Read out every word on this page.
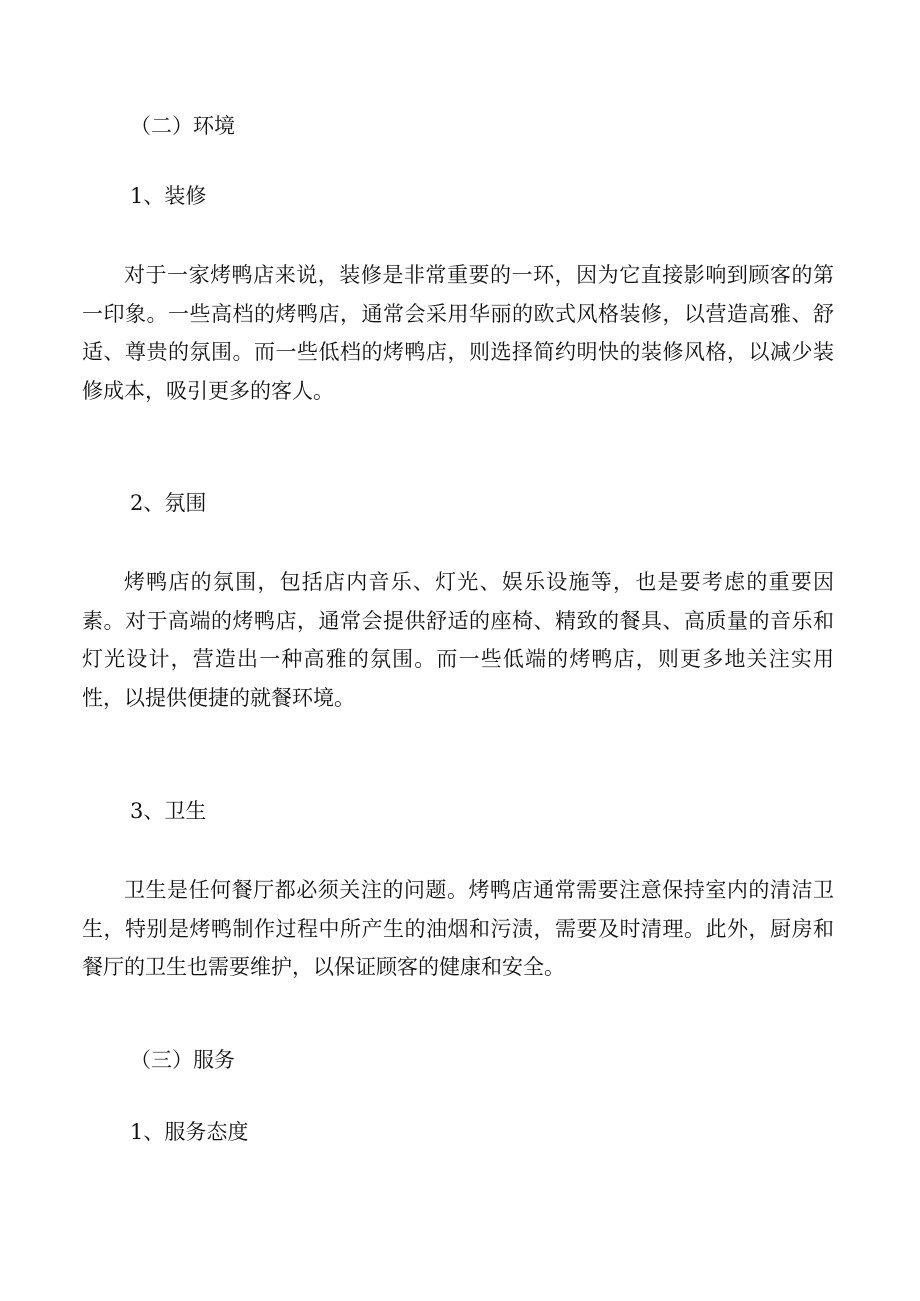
（二）环境
1、装修

对于一家烤鸭店来说，装修是非常重要的一环，因为它直接影响到顾客的第一印象。一些高档的烤鸭店，通常会采用华丽的欧式风格装修，以营造高雅、舒适、尊贵的氛围。而一些低档的烤鸭店，则选择简约明快的装修风格，以减少装修成本，吸引更多的客人。

2、氛围

烤鸭店的氛围，包括店内音乐、灯光、娱乐设施等，也是要考虑的重要因素。对于高端的烤鸭店，通常会提供舒适的座椅、精致的餐具、高质量的音乐和灯光设计，营造出一种高雅的氛围。而一些低端的烤鸭店，则更多地关注实用性，以提供便捷的就餐环境。

3、卫生

卫生是任何餐厅都必须关注的问题。烤鸭店通常需要注意保持室内的清洁卫生，特别是烤鸭制作过程中所产生的油烟和污渍，需要及时清理。此外，厨房和餐厅的卫生也需要维护，以保证顾客的健康和安全。

（三）服务
1、服务态度
